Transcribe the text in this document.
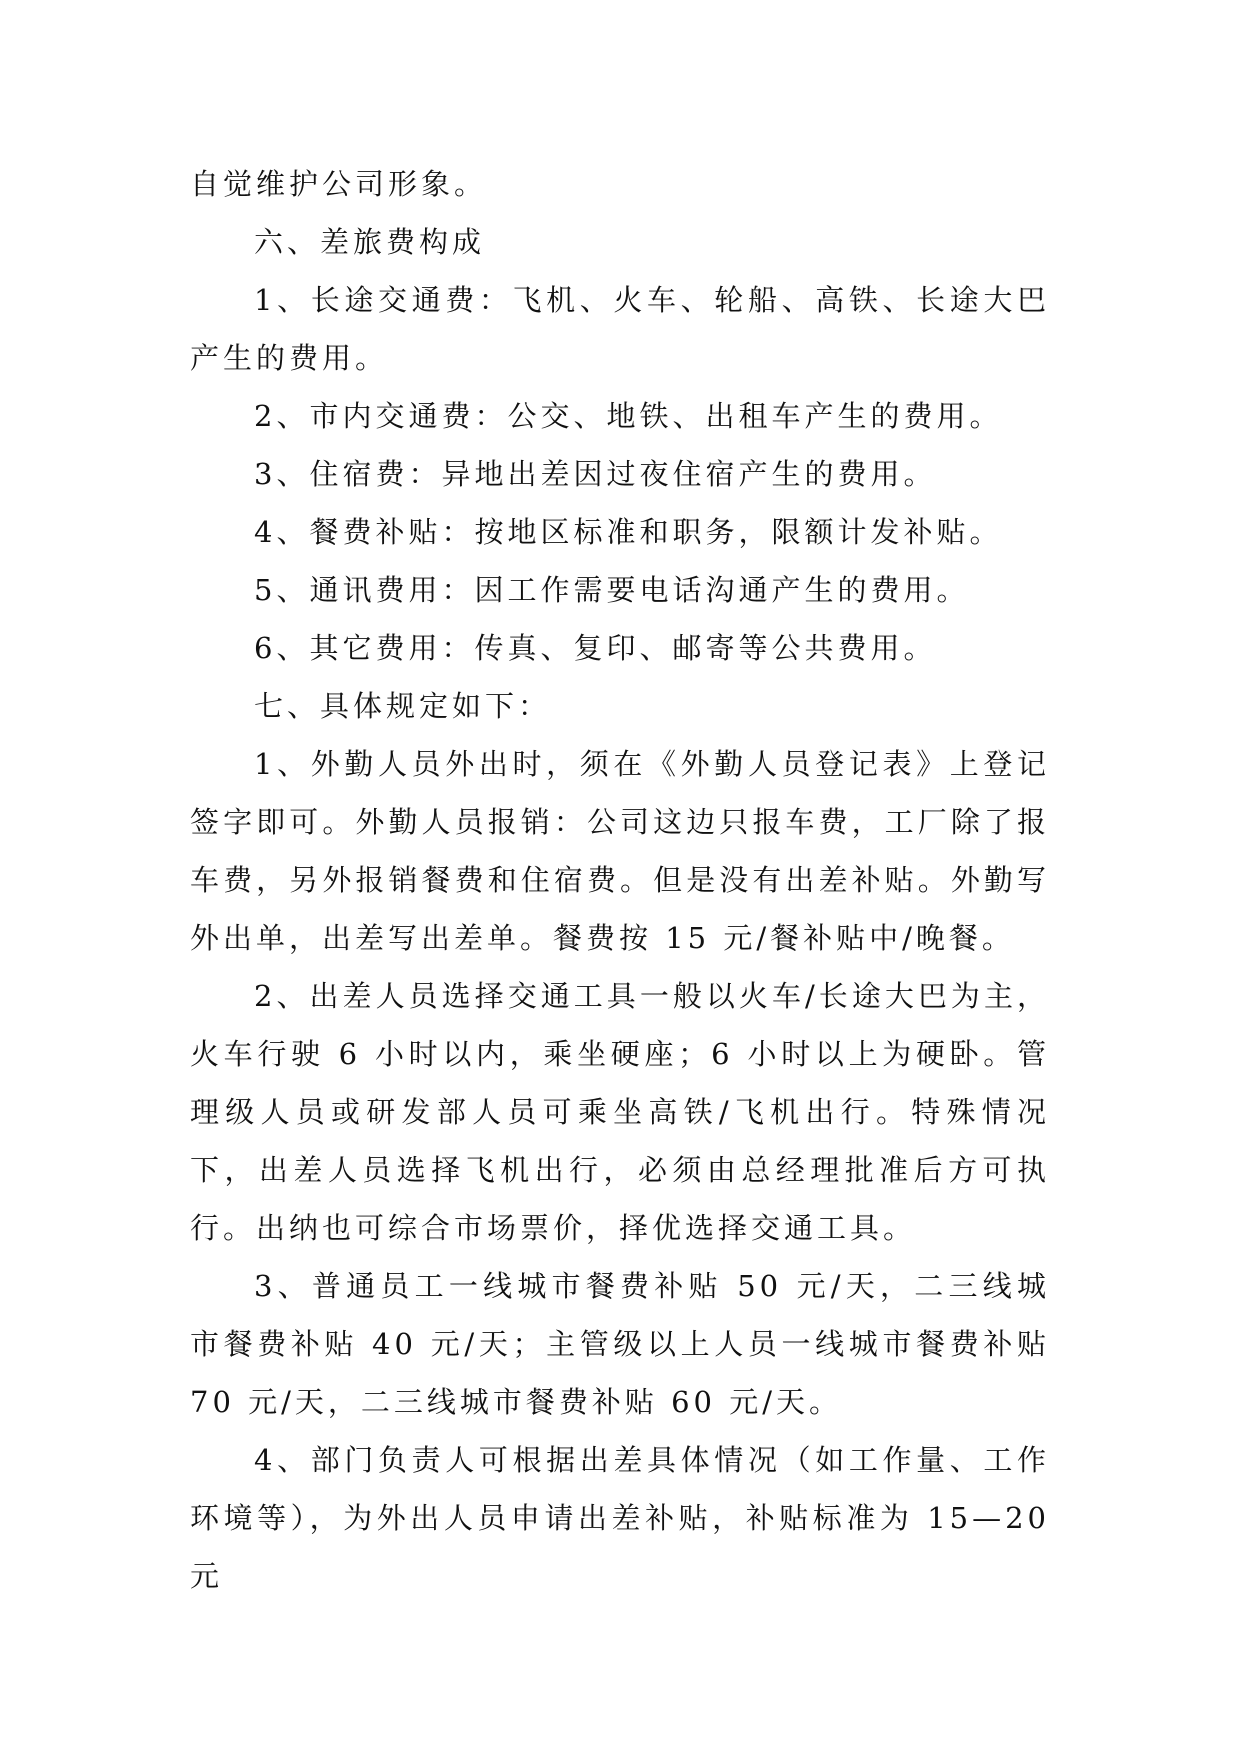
自觉维护公司形象。

六、差旅费构成

1、长途交通费：飞机、火车、轮船、高铁、长途大巴产生的费用。

2、市内交通费：公交、地铁、出租车产生的费用。

3、住宿费：异地出差因过夜住宿产生的费用。

4、餐费补贴：按地区标准和职务，限额计发补贴。

5、通讯费用：因工作需要电话沟通产生的费用。

6、其它费用：传真、复印、邮寄等公共费用。

七、具体规定如下：

1、外勤人员外出时，须在《外勤人员登记表》上登记签字即可。外勤人员报销：公司这边只报车费，工厂除了报车费，另外报销餐费和住宿费。但是没有出差补贴。外勤写外出单，出差写出差单。餐费按 15 元/餐补贴中/晚餐。

2、出差人员选择交通工具一般以火车/长途大巴为主，火车行驶 6 小时以内，乘坐硬座；6 小时以上为硬卧。管理级人员或研发部人员可乘坐高铁/飞机出行。特殊情况下，出差人员选择飞机出行，必须由总经理批准后方可执行。出纳也可综合市场票价，择优选择交通工具。

3、普通员工一线城市餐费补贴 50 元/天，二三线城市餐费补贴 40 元/天；主管级以上人员一线城市餐费补贴 70 元/天，二三线城市餐费补贴 60 元/天。

4、部门负责人可根据出差具体情况（如工作量、工作环境等），为外出人员申请出差补贴，补贴标准为 15—20 元
